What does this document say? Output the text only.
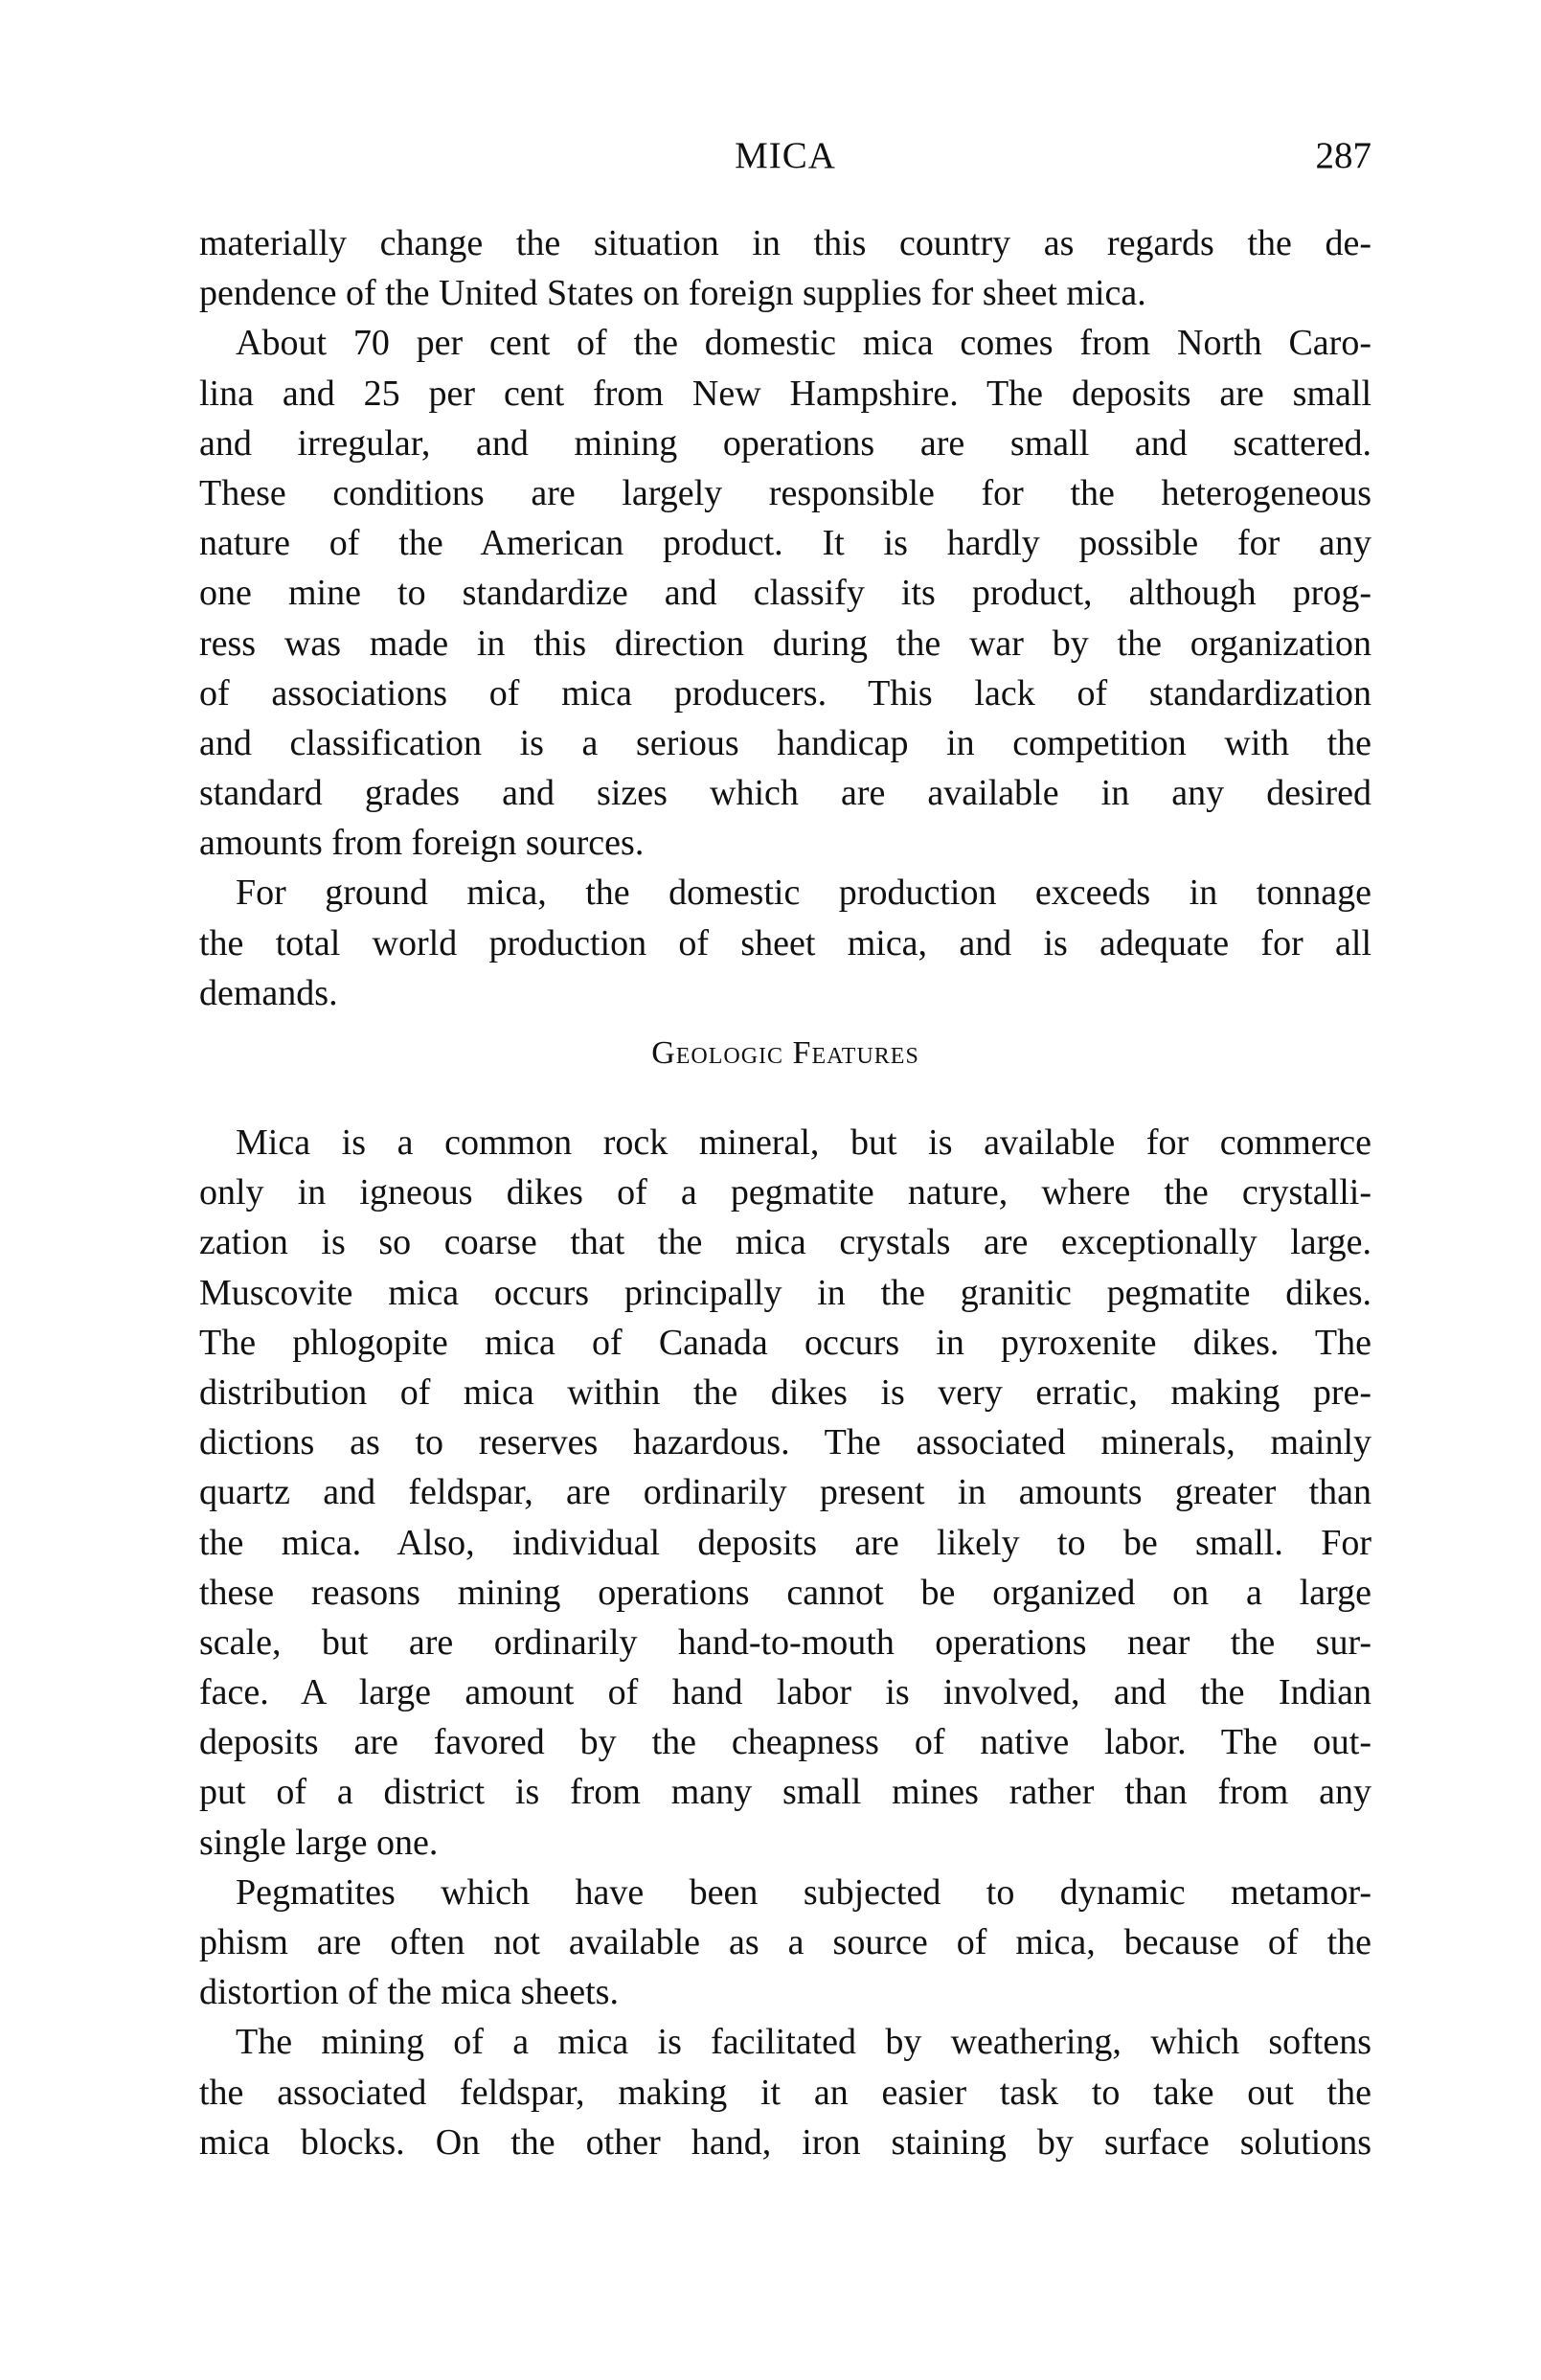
MICA	287
materially change the situation in this country as regards the de-
pendence of the United States on foreign supplies for sheet mica.
About 70 per cent of the domestic mica comes from North Caro-
lina and 25 per cent from New Hampshire. The deposits are small
and irregular, and mining operations are small and scattered.
These conditions are largely responsible for the heterogeneous
nature of the American product. It is hardly possible for any
one mine to standardize and classify its product, although prog-
ress was made in this direction during the war by the organization
of associations of mica producers. This lack of standardization
and classification is a serious handicap in competition with the
standard grades and sizes which are available in any desired
amounts from foreign sources.
For ground mica, the domestic production exceeds in tonnage
the total world production of sheet mica, and is adequate for all
demands.
Geologic Features
Mica is a common rock mineral, but is available for commerce
only in igneous dikes of a pegmatite nature, where the crystalli-
zation is so coarse that the mica crystals are exceptionally large.
Muscovite mica occurs principally in the granitic pegmatite dikes.
The phlogopite mica of Canada occurs in pyroxenite dikes. The
distribution of mica within the dikes is very erratic, making pre-
dictions as to reserves hazardous. The associated minerals, mainly
quartz and feldspar, are ordinarily present in amounts greater than
the mica. Also, individual deposits are likely to be small. For
these reasons mining operations cannot be organized on a large
scale, but are ordinarily hand-to-mouth operations near the sur-
face. A large amount of hand labor is involved, and the Indian
deposits are favored by the cheapness of native labor. The out-
put of a district is from many small mines rather than from any
single large one.
Pegmatites which have been subjected to dynamic metamor-
phism are often not available as a source of mica, because of the
distortion of the mica sheets.
The mining of a mica is facilitated by weathering, which softens
the associated feldspar, making it an easier task to take out the
mica blocks. On the other hand, iron staining by surface solutions
